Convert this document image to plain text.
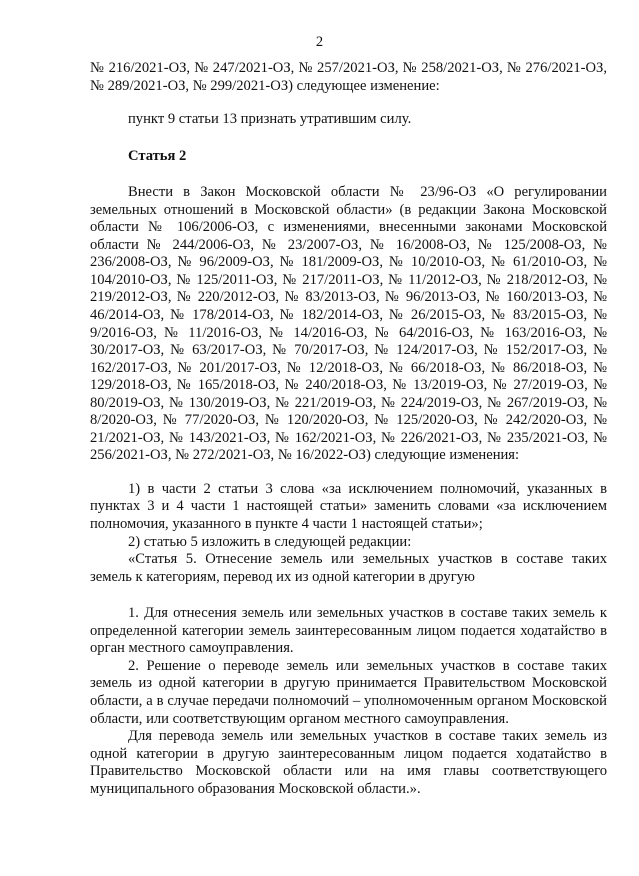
2

№ 216/2021-ОЗ, № 247/2021-ОЗ, № 257/2021-ОЗ, № 258/2021-ОЗ, № 276/2021-ОЗ, № 289/2021-ОЗ, № 299/2021-ОЗ) следующее изменение:

пункт 9 статьи 13 признать утратившим силу.

Статья 2

Внести в Закон Московской области № 23/96-ОЗ «О регулировании земельных отношений в Московской области» (в редакции Закона Московской области № 106/2006-ОЗ, с изменениями, внесенными законами Московской области № 244/2006-ОЗ, № 23/2007-ОЗ, № 16/2008-ОЗ, № 125/2008-ОЗ, № 236/2008-ОЗ, № 96/2009-ОЗ, № 181/2009-ОЗ, № 10/2010-ОЗ, № 61/2010-ОЗ, № 104/2010-ОЗ, № 125/2011-ОЗ, № 217/2011-ОЗ, № 11/2012-ОЗ, № 218/2012-ОЗ, № 219/2012-ОЗ, № 220/2012-ОЗ, № 83/2013-ОЗ, № 96/2013-ОЗ, № 160/2013-ОЗ, № 46/2014-ОЗ, № 178/2014-ОЗ, № 182/2014-ОЗ, № 26/2015-ОЗ, № 83/2015-ОЗ, № 9/2016-ОЗ, № 11/2016-ОЗ, № 14/2016-ОЗ, № 64/2016-ОЗ, № 163/2016-ОЗ, № 30/2017-ОЗ, № 63/2017-ОЗ, № 70/2017-ОЗ, № 124/2017-ОЗ, № 152/2017-ОЗ, № 162/2017-ОЗ, № 201/2017-ОЗ, № 12/2018-ОЗ, № 66/2018-ОЗ, № 86/2018-ОЗ, № 129/2018-ОЗ, № 165/2018-ОЗ, № 240/2018-ОЗ, № 13/2019-ОЗ, № 27/2019-ОЗ, № 80/2019-ОЗ, № 130/2019-ОЗ, № 221/2019-ОЗ, № 224/2019-ОЗ, № 267/2019-ОЗ, № 8/2020-ОЗ, № 77/2020-ОЗ, № 120/2020-ОЗ, № 125/2020-ОЗ, № 242/2020-ОЗ, № 21/2021-ОЗ, № 143/2021-ОЗ, № 162/2021-ОЗ, № 226/2021-ОЗ, № 235/2021-ОЗ, № 256/2021-ОЗ, № 272/2021-ОЗ, № 16/2022-ОЗ) следующие изменения:

1) в части 2 статьи 3 слова «за исключением полномочий, указанных в пунктах 3 и 4 части 1 настоящей статьи» заменить словами «за исключением полномочия, указанного в пункте 4 части 1 настоящей статьи»;

2) статью 5 изложить в следующей редакции:

«Статья 5. Отнесение земель или земельных участков в составе таких земель к категориям, перевод их из одной категории в другую

1. Для отнесения земель или земельных участков в составе таких земель к определенной категории земель заинтересованным лицом подается ходатайство в орган местного самоуправления.

2. Решение о переводе земель или земельных участков в составе таких земель из одной категории в другую принимается Правительством Московской области, а в случае передачи полномочий – уполномоченным органом Московской области, или соответствующим органом местного самоуправления.

Для перевода земель или земельных участков в составе таких земель из одной категории в другую заинтересованным лицом подается ходатайство в Правительство Московской области или на имя главы соответствующего муниципального образования Московской области.».
